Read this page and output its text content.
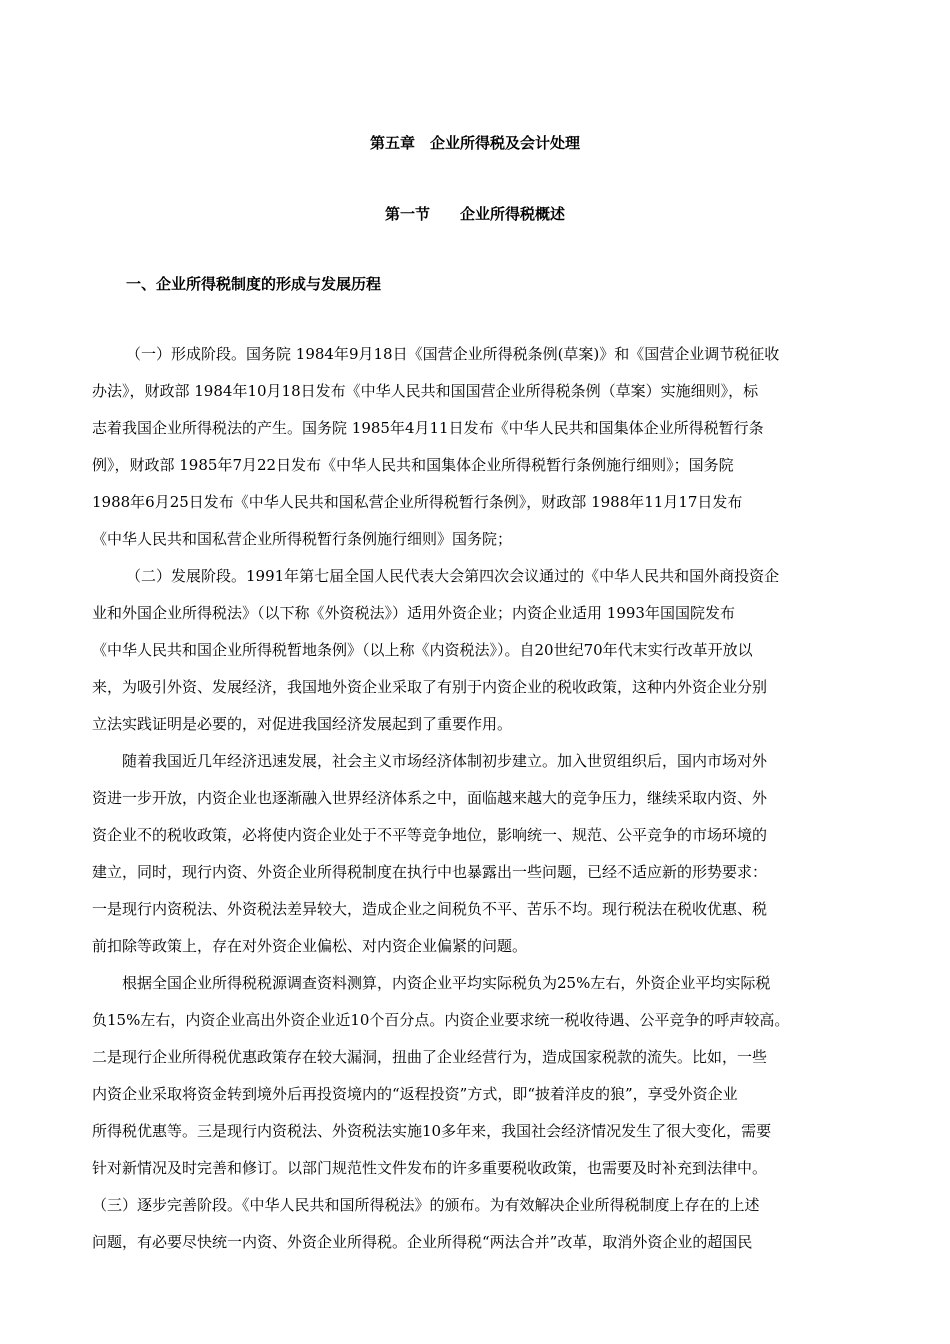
第五章　企业所得税及会计处理
第一节　　企业所得税概述
一、企业所得税制度的形成与发展历程

（一）形成阶段。国务院 1984年9月18日《国营企业所得税条例(草案)》和《国营企业调节税征收

办法》，财政部 1984年10月18日发布《中华人民共和国国营企业所得税条例（草案）实施细则》，标

志着我国企业所得税法的产生。国务院 1985年4月11日发布《中华人民共和国集体企业所得税暂行条

例》，财政部 1985年7月22日发布《中华人民共和国集体企业所得税暂行条例施行细则》；国务院

1988年6月25日发布《中华人民共和国私营企业所得税暂行条例》，财政部 1988年11月17日发布

《中华人民共和国私营企业所得税暂行条例施行细则》国务院；

（二）发展阶段。1991年第七届全国人民代表大会第四次会议通过的《中华人民共和国外商投资企

业和外国企业所得税法》（以下称《外资税法》）适用外资企业；内资企业适用 1993年国国院发布

《中华人民共和国企业所得税暂地条例》（以上称《内资税法》）。自20世纪70年代末实行改革开放以

来，为吸引外资、发展经济，我国地外资企业采取了有别于内资企业的税收政策，这种内外资企业分别

立法实践证明是必要的，对促进我国经济发展起到了重要作用。

随着我国近几年经济迅速发展，社会主义市场经济体制初步建立。加入世贸组织后，国内市场对外

资进一步开放，内资企业也逐渐融入世界经济体系之中，面临越来越大的竞争压力，继续采取内资、外

资企业不的税收政策，必将使内资企业处于不平等竞争地位，影响统一、规范、公平竞争的市场环境的

建立，同时，现行内资、外资企业所得税制度在执行中也暴露出一些问题，已经不适应新的形势要求：

一是现行内资税法、外资税法差异较大，造成企业之间税负不平、苦乐不均。现行税法在税收优惠、税

前扣除等政策上，存在对外资企业偏松、对内资企业偏紧的问题。

根据全国企业所得税税源调查资料测算，内资企业平均实际税负为25%左右，外资企业平均实际税

负15%左右，内资企业高出外资企业近10个百分点。内资企业要求统一税收待遇、公平竞争的呼声较高。

二是现行企业所得税优惠政策存在较大漏洞，扭曲了企业经营行为，造成国家税款的流失。比如，一些

内资企业采取将资金转到境外后再投资境内的“返程投资”方式，即“披着洋皮的狼”，享受外资企业

所得税优惠等。三是现行内资税法、外资税法实施10多年来，我国社会经济情况发生了很大变化，需要

针对新情况及时完善和修订。以部门规范性文件发布的许多重要税收政策，也需要及时补充到法律中。

（三）逐步完善阶段。《中华人民共和国所得税法》的颁布。为有效解决企业所得税制度上存在的上述

问题，有必要尽快统一内资、外资企业所得税。企业所得税“两法合并”改革，取消外资企业的超国民
